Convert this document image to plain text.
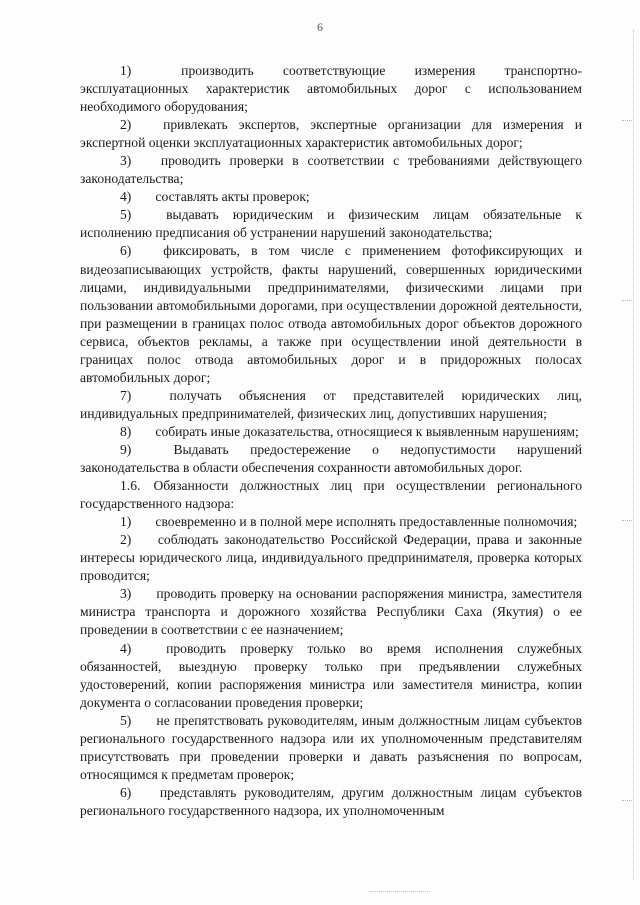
6

1)	производить соответствующие измерения транспортно-эксплуатационных характеристик автомобильных дорог с использованием необходимого оборудования;

2) привлекать экспертов, экспертные организации для измерения и экспертной оценки эксплуатационных характеристик автомобильных дорог;

3) проводить проверки в соответствии с требованиями действующего законодательства;

4) составлять акты проверок;

5)	выдавать юридическим и физическим лицам обязательные к исполнению предписания об устранении нарушений законодательства;

6) фиксировать, в том числе с применением фотофиксирующих и видеозаписывающих устройств, факты нарушений, совершенных юридическими лицами, индивидуальными предпринимателями, физическими лицами при пользовании автомобильными дорогами, при осуществлении дорожной деятельности, при размещении в границах полос отвода автомобильных дорог объектов дорожного сервиса, объектов рекламы, а также при осуществлении иной деятельности в границах полос отвода автомобильных дорог и в придорожных полосах автомобильных дорог;

7)	получать объяснения от представителей юридических лиц, индивидуальных предпринимателей, физических лиц, допустивших нарушения;

8) собирать иные доказательства, относящиеся к выявленным нарушениям;

9)	Выдавать предостережение о недопустимости нарушений законодательства в области обеспечения сохранности автомобильных дорог.

1.6. Обязанности должностных лиц при осуществлении регионального государственного надзора:

1) своевременно и в полной мере исполнять предоставленные полномочия;

2) соблюдать законодательство Российской Федерации, права и законные интересы юридического лица, индивидуального предпринимателя, проверка которых проводится;

3) проводить проверку на основании распоряжения министра, заместителя министра транспорта и дорожного хозяйства Республики Саха (Якутия) о ее проведении в соответствии с ее назначением;

4)	проводить проверку только во время исполнения служебных обязанностей, выездную проверку только при предъявлении служебных удостоверений, копии распоряжения министра или заместителя министра, копии документа о согласовании проведения проверки;

5) не препятствовать руководителям, иным должностным лицам субъектов регионального государственного надзора или их уполномоченным представителям присутствовать при проведении проверки и давать разъяснения по вопросам, относящимся к предметам проверок;

6) представлять руководителям, другим должностным лицам субъектов регионального государственного надзора, их уполномоченным
